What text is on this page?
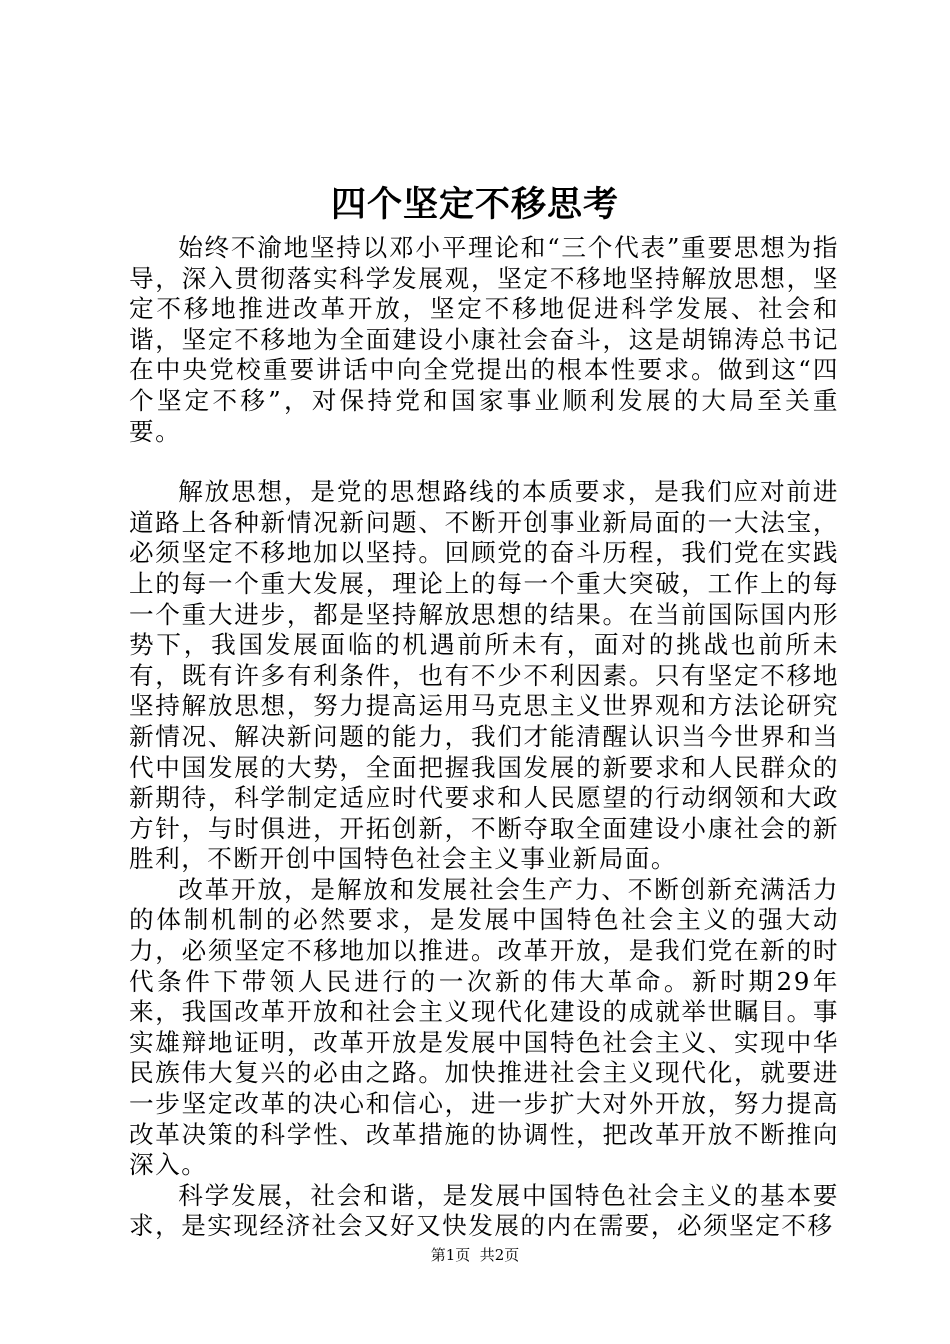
四个坚定不移思考

始终不渝地坚持以邓小平理论和“三个代表”重要思想为指导，深入贯彻落实科学发展观，坚定不移地坚持解放思想，坚定不移地推进改革开放，坚定不移地促进科学发展、社会和谐，坚定不移地为全面建设小康社会奋斗，这是胡锦涛总书记在中央党校重要讲话中向全党提出的根本性要求。做到这“四个坚定不移”，对保持党和国家事业顺利发展的大局至关重要。

解放思想，是党的思想路线的本质要求，是我们应对前进道路上各种新情况新问题、不断开创事业新局面的一大法宝，必须坚定不移地加以坚持。回顾党的奋斗历程，我们党在实践上的每一个重大发展，理论上的每一个重大突破，工作上的每一个重大进步，都是坚持解放思想的结果。在当前国际国内形势下，我国发展面临的机遇前所未有，面对的挑战也前所未有，既有许多有利条件，也有不少不利因素。只有坚定不移地坚持解放思想，努力提高运用马克思主义世界观和方法论研究新情况、解决新问题的能力，我们才能清醒认识当今世界和当代中国发展的大势，全面把握我国发展的新要求和人民群众的新期待，科学制定适应时代要求和人民愿望的行动纲领和大政方针，与时俱进，开拓创新，不断夺取全面建设小康社会的新胜利，不断开创中国特色社会主义事业新局面。

改革开放，是解放和发展社会生产力、不断创新充满活力的体制机制的必然要求，是发展中国特色社会主义的强大动力，必须坚定不移地加以推进。改革开放，是我们党在新的时代条件下带领人民进行的一次新的伟大革命。新时期29年来，我国改革开放和社会主义现代化建设的成就举世瞩目。事实雄辩地证明，改革开放是发展中国特色社会主义、实现中华民族伟大复兴的必由之路。加快推进社会主义现代化，就要进一步坚定改革的决心和信心，进一步扩大对外开放，努力提高改革决策的科学性、改革措施的协调性，把改革开放不断推向深入。

科学发展，社会和谐，是发展中国特色社会主义的基本要求，是实现经济社会又好又快发展的内在需要，必须坚定不移

第1页  共2页
